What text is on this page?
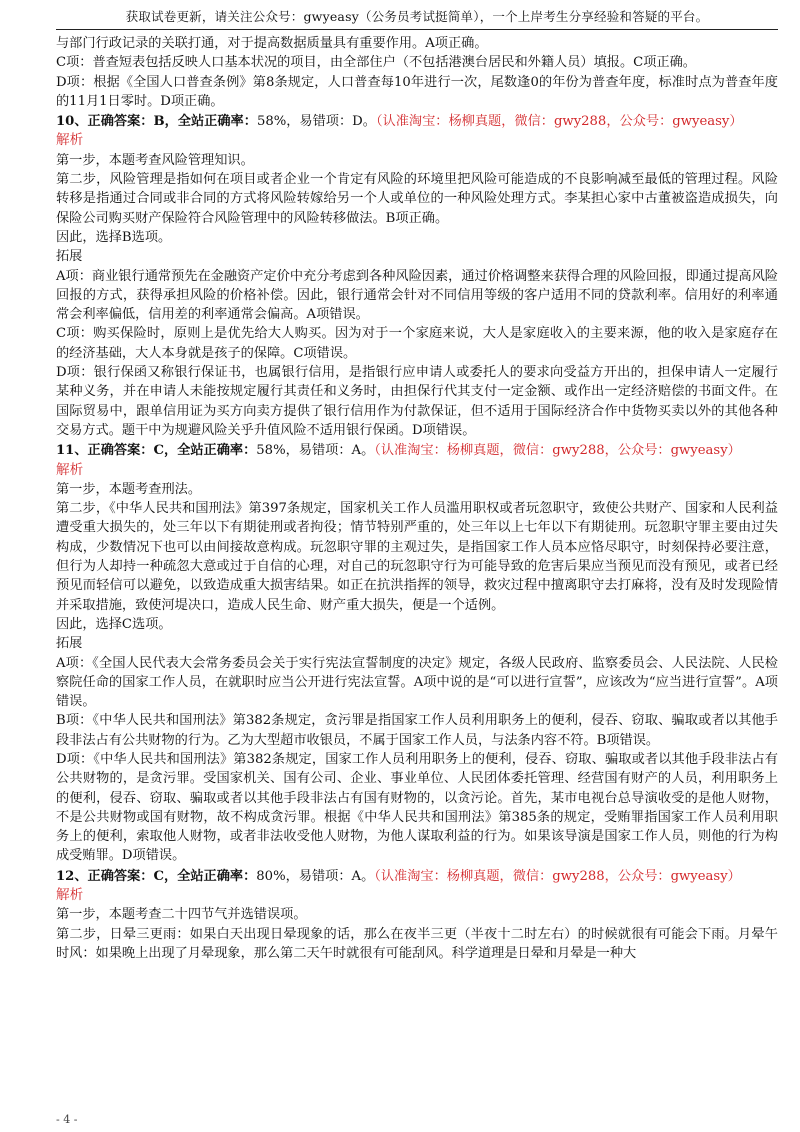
获取试卷更新，请关注公众号：gwyeasy（公务员考试挺简单），一个上岸考生分享经验和答疑的平台。
与部门行政记录的关联打通，对于提高数据质量具有重要作用。A项正确。
C项：普查短表包括反映人口基本状况的项目，由全部住户（不包括港澳台居民和外籍人员）填报。C项正确。
D项：根据《全国人口普查条例》第8条规定，人口普查每10年进行一次，尾数逢0的年份为普查年度，标准时点为普查年度的11月1日零时。D项正确。
10、正确答案：B，全站正确率：58%，易错项：D。（认准淘宝：杨柳真题，微信：gwy288，公众号：gwyeasy）
解析
第一步，本题考查风险管理知识。
第二步，风险管理是指如何在项目或者企业一个肯定有风险的环境里把风险可能造成的不良影响减至最低的管理过程。风险转移是指通过合同或非合同的方式将风险转嫁给另一个人或单位的一种风险处理方式。李某担心家中古董被盗造成损失，向保险公司购买财产保险符合风险管理中的风险转移做法。B项正确。
因此，选择B选项。
拓展
A项：商业银行通常预先在金融资产定价中充分考虑到各种风险因素，通过价格调整来获得合理的风险回报，即通过提高风险回报的方式，获得承担风险的价格补偿。因此，银行通常会针对不同信用等级的客户适用不同的贷款利率。信用好的利率通常会利率偏低，信用差的利率通常会偏高。A项错误。
C项：购买保险时，原则上是优先给大人购买。因为对于一个家庭来说，大人是家庭收入的主要来源，他的收入是家庭存在的经济基础，大人本身就是孩子的保障。C项错误。
D项：银行保函又称银行保证书，也属银行信用，是指银行应申请人或委托人的要求向受益方开出的，担保申请人一定履行某种义务，并在申请人未能按规定履行其责任和义务时，由担保行代其支付一定金额、或作出一定经济赔偿的书面文件。在国际贸易中，跟单信用证为买方向卖方提供了银行信用作为付款保证，但不适用于国际经济合作中货物买卖以外的其他各种交易方式。题干中为规避风险关乎升值风险不适用银行保函。D项错误。
11、正确答案：C，全站正确率：58%，易错项：A。（认准淘宝：杨柳真题，微信：gwy288，公众号：gwyeasy）
解析
第一步，本题考查刑法。
第二步，《中华人民共和国刑法》第397条规定，国家机关工作人员滥用职权或者玩忽职守，致使公共财产、国家和人民利益遭受重大损失的，处三年以下有期徒刑或者拘役；情节特别严重的，处三年以上七年以下有期徒刑。玩忽职守罪主要由过失构成，少数情况下也可以由间接故意构成。玩忽职守罪的主观过失，是指国家工作人员本应恪尽职守，时刻保持必要注意，但行为人却持一种疏忽大意或过于自信的心理，对自己的玩忽职守行为可能导致的危害后果应当预见而没有预见，或者已经预见而轻信可以避免，以致造成重大损害结果。如正在抗洪指挥的领导，救灾过程中擅离职守去打麻将，没有及时发现险情并采取措施，致使河堤决口，造成人民生命、财产重大损失，便是一个适例。
因此，选择C选项。
拓展
A项：《全国人民代表大会常务委员会关于实行宪法宣誓制度的决定》规定，各级人民政府、监察委员会、人民法院、人民检察院任命的国家工作人员，在就职时应当公开进行宪法宣誓。A项中说的是“可以进行宣誓”，应该改为“应当进行宣誓”。A项错误。
B项：《中华人民共和国刑法》第382条规定，贪污罪是指国家工作人员利用职务上的便利，侵吞、窃取、骗取或者以其他手段非法占有公共财物的行为。乙为大型超市收银员，不属于国家工作人员，与法条内容不符。B项错误。
D项：《中华人民共和国刑法》第382条规定，国家工作人员利用职务上的便利，侵吞、窃取、骗取或者以其他手段非法占有公共财物的，是贪污罪。受国家机关、国有公司、企业、事业单位、人民团体委托管理、经营国有财产的人员，利用职务上的便利，侵吞、窃取、骗取或者以其他手段非法占有国有财物的，以贪污论。首先，某市电视台总导演收受的是他人财物，不是公共财物或国有财物，故不构成贪污罪。根据《中华人民共和国刑法》第385条的规定，受贿罪指国家工作人员利用职务上的便利，索取他人财物，或者非法收受他人财物，为他人谋取利益的行为。如果该导演是国家工作人员，则他的行为构成受贿罪。D项错误。
12、正确答案：C，全站正确率：80%，易错项：A。（认准淘宝：杨柳真题，微信：gwy288，公众号：gwyeasy）
解析
第一步，本题考查二十四节气并选错误项。
第二步，日晕三更雨：如果白天出现日晕现象的话，那么在夜半三更（半夜十二时左右）的时候就很有可能会下雨。月晕午时风：如果晚上出现了月晕现象，那么第二天午时就很有可能刮风。科学道理是日晕和月晕是一种大
- 4 -
